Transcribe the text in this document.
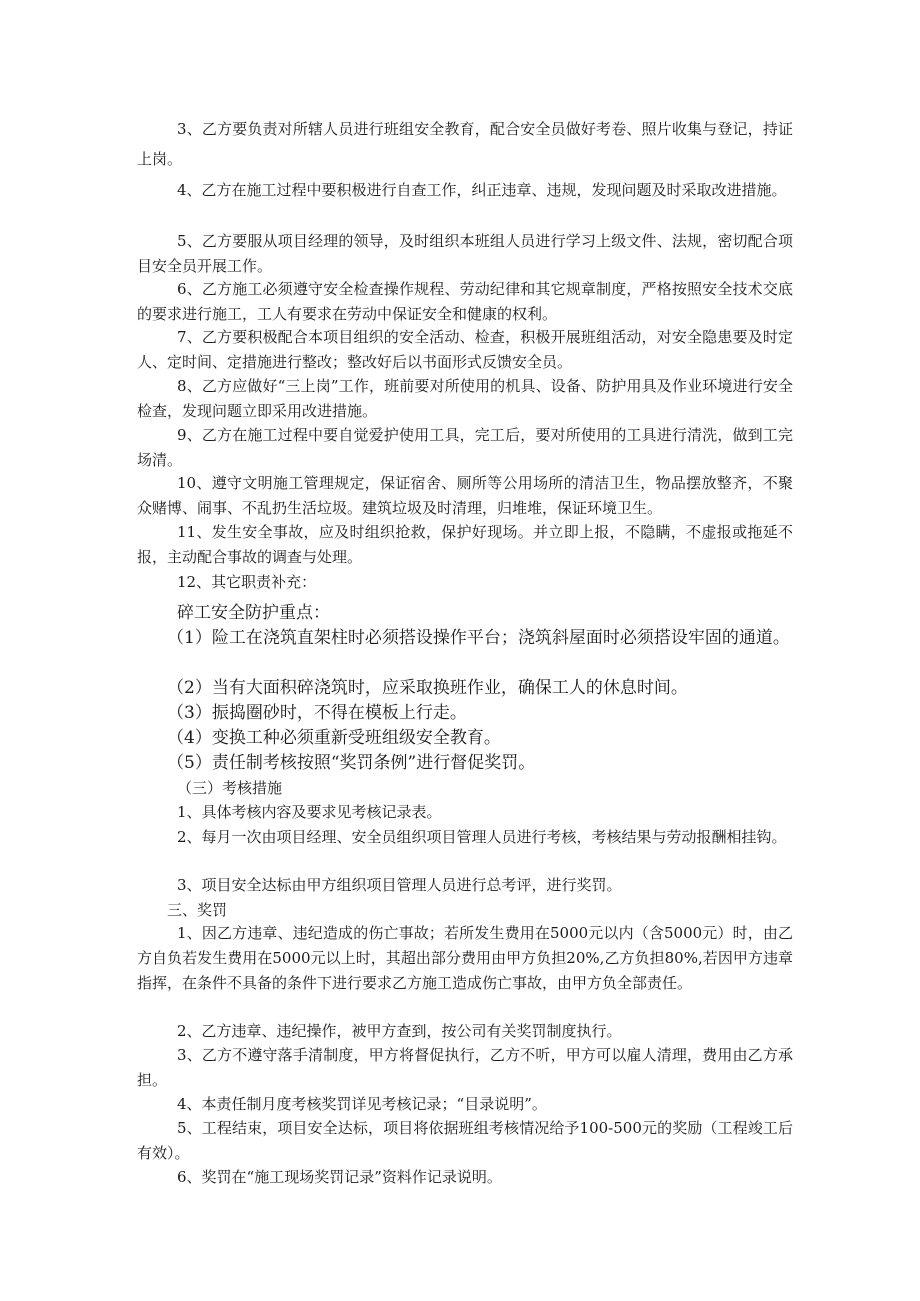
3、乙方要负责对所辖人员进行班组安全教育，配合安全员做好考卷、照片收集与登记，持证上岗。

4、乙方在施工过程中要积极进行自查工作，纠正违章、违规，发现问题及时采取改进措施。

5、乙方要服从项目经理的领导，及时组织本班组人员进行学习上级文件、法规，密切配合项目安全员开展工作。

6、乙方施工必须遵守安全检查操作规程、劳动纪律和其它规章制度，严格按照安全技术交底的要求进行施工，工人有要求在劳动中保证安全和健康的权利。

7、乙方要积极配合本项目组织的安全活动、检查，积极开展班组活动，对安全隐患要及时定人、定时间、定措施进行整改；整改好后以书面形式反馈安全员。

8、乙方应做好“三上岗”工作，班前要对所使用的机具、设备、防护用具及作业环境进行安全检查，发现问题立即采用改进措施。

9、乙方在施工过程中要自觉爱护使用工具，完工后，要对所使用的工具进行清洗，做到工完场清。

10、遵守文明施工管理规定，保证宿舍、厕所等公用场所的清洁卫生，物品摆放整齐，不聚众赌博、闹事、不乱扔生活垃圾。建筑垃圾及时清理，归堆堆，保证环境卫生。

11、发生安全事故，应及时组织抢救，保护好现场。并立即上报，不隐瞒，不虚报或拖延不报，主动配合事故的调查与处理。

12、其它职责补充：

碎工安全防护重点：

（1）险工在浇筑直架柱时必须搭设操作平台；浇筑斜屋面时必须搭设牢固的通道。

（2）当有大面积碎浇筑时，应采取换班作业，确保工人的休息时间。

（3）振捣圈砂时，不得在模板上行走。

（4）变换工种必须重新受班组级安全教育。

（5）责任制考核按照“奖罚条例”进行督促奖罚。

（三）考核措施

1、具体考核内容及要求见考核记录表。

2、每月一次由项目经理、安全员组织项目管理人员进行考核，考核结果与劳动报酬相挂钩。

3、项目安全达标由甲方组织项目管理人员进行总考评，进行奖罚。

三、奖罚

1、因乙方违章、违纪造成的伤亡事故；若所发生费用在5000元以内（含5000元）时，由乙方自负若发生费用在5000元以上时，其超出部分费用由甲方负担20%,乙方负担80%,若因甲方违章指挥，在条件不具备的条件下进行要求乙方施工造成伤亡事故，由甲方负全部责任。

2、乙方违章、违纪操作，被甲方查到，按公司有关奖罚制度执行。

3、乙方不遵守落手清制度，甲方将督促执行，乙方不听，甲方可以雇人清理，费用由乙方承担。

4、本责任制月度考核奖罚详见考核记录；“目录说明”。

5、工程结束，项目安全达标，项目将依据班组考核情况给予100-500元的奖励（工程竣工后有效）。

6、奖罚在“施工现场奖罚记录”资料作记录说明。
